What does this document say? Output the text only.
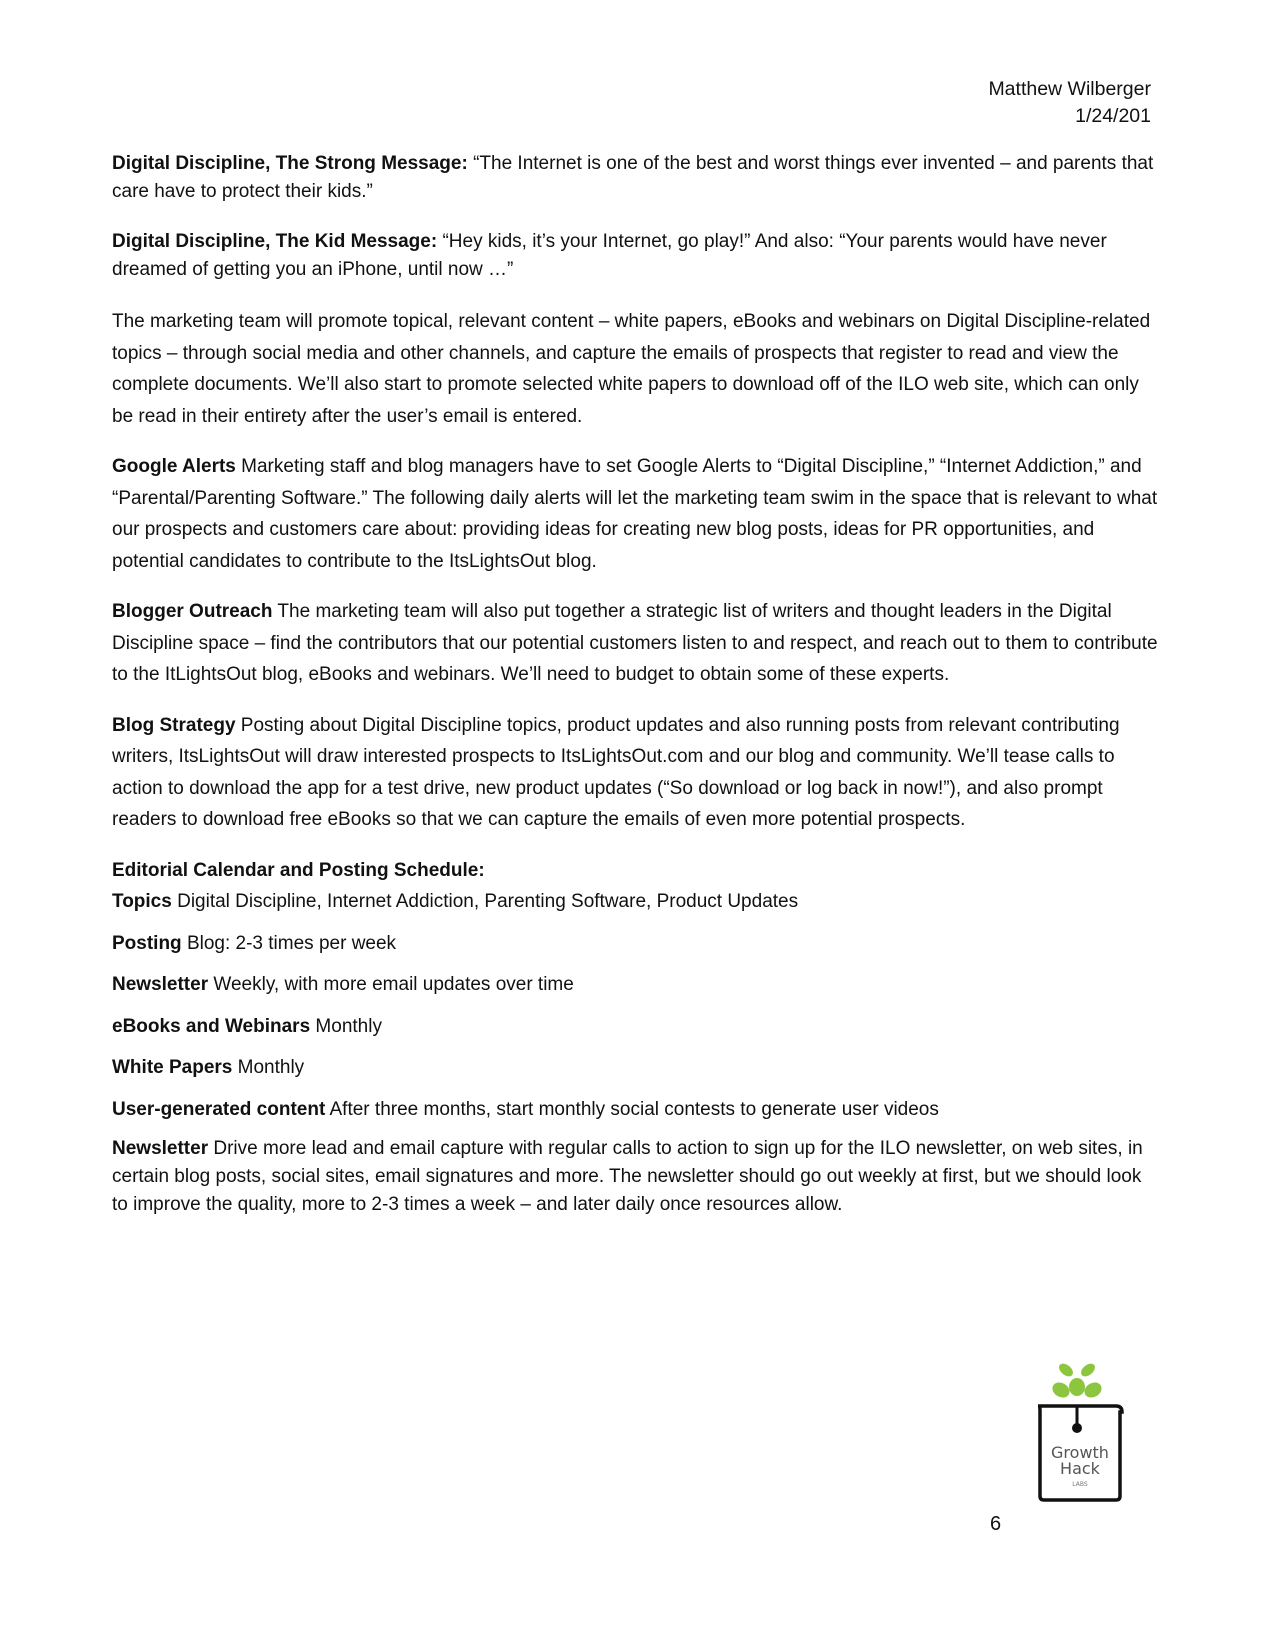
Matthew Wilberger
1/24/201

Digital Discipline, The Strong Message: “The Internet is one of the best and worst things ever invented – and parents that care have to protect their kids.”

Digital Discipline, The Kid Message: “Hey kids, it’s your Internet, go play!” And also: “Your parents would have never dreamed of getting you an iPhone, until now …”

The marketing team will promote topical, relevant content – white papers, eBooks and webinars on Digital Discipline-related topics – through social media and other channels, and capture the emails of prospects that register to read and view the complete documents. We’ll also start to promote selected white papers to download off of the ILO web site, which can only be read in their entirety after the user’s email is entered.

Google Alerts Marketing staff and blog managers have to set Google Alerts to “Digital Discipline,” “Internet Addiction,” and “Parental/Parenting Software.” The following daily alerts will let the marketing team swim in the space that is relevant to what our prospects and customers care about: providing ideas for creating new blog posts, ideas for PR opportunities, and potential candidates to contribute to the ItsLightsOut blog.

Blogger Outreach The marketing team will also put together a strategic list of writers and thought leaders in the Digital Discipline space – find the contributors that our potential customers listen to and respect, and reach out to them to contribute to the ItLightsOut blog, eBooks and webinars. We’ll need to budget to obtain some of these experts.

Blog Strategy Posting about Digital Discipline topics, product updates and also running posts from relevant contributing writers, ItsLightsOut will draw interested prospects to ItsLightsOut.com and our blog and community. We’ll tease calls to action to download the app for a test drive, new product updates (“So download or log back in now!”), and also prompt readers to download free eBooks so that we can capture the emails of even more potential prospects.

Editorial Calendar and Posting Schedule:

Topics Digital Discipline, Internet Addiction, Parenting Software, Product Updates

Posting Blog: 2-3 times per week

Newsletter Weekly, with more email updates over time

eBooks and Webinars Monthly

White Papers Monthly

User-generated content After three months, start monthly social contests to generate user videos

Newsletter Drive more lead and email capture with regular calls to action to sign up for the ILO newsletter, on web sites, in certain blog posts, social sites, email signatures and more. The newsletter should go out weekly at first, but we should look to improve the quality, more to 2-3 times a week – and later daily once resources allow.

Growth
Hack
LABS
6
